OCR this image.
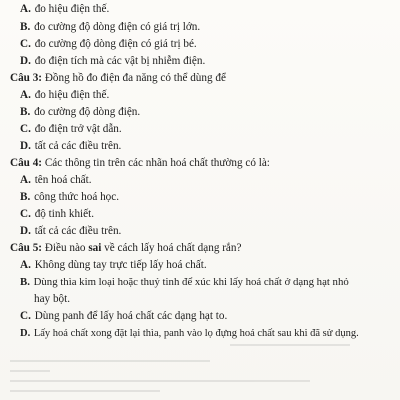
A. đo hiệu điện thế.
B. đo cường độ dòng điện có giá trị lớn.
C. đo cường độ dòng điện có giá trị bé.
D. đo điện tích mà các vật bị nhiễm điện.
Câu 3: Đồng hồ đo điện đa năng có thể dùng để
A. đo hiệu điện thế.
B. đo cường độ dòng điện.
C. đo điện trở vật dẫn.
D. tất cả các điều trên.
Câu 4: Các thông tin trên các nhãn hoá chất thường có là:
A. tên hoá chất.
B. công thức hoá học.
C. độ tinh khiết.
D. tất cả các điều trên.
Câu 5: Điều nào sai về cách lấy hoá chất dạng rắn?
A. Không dùng tay trực tiếp lấy hoá chất.
B. Dùng thìa kim loại hoặc thuỷ tinh để xúc khi lấy hoá chất ở dạng hạt nhỏ
hay bột.
C. Dùng panh để lấy hoá chất các dạng hạt to.
D. Lấy hoá chất xong đặt lại thìa, panh vào lọ đựng hoá chất sau khi đã sử dụng.
